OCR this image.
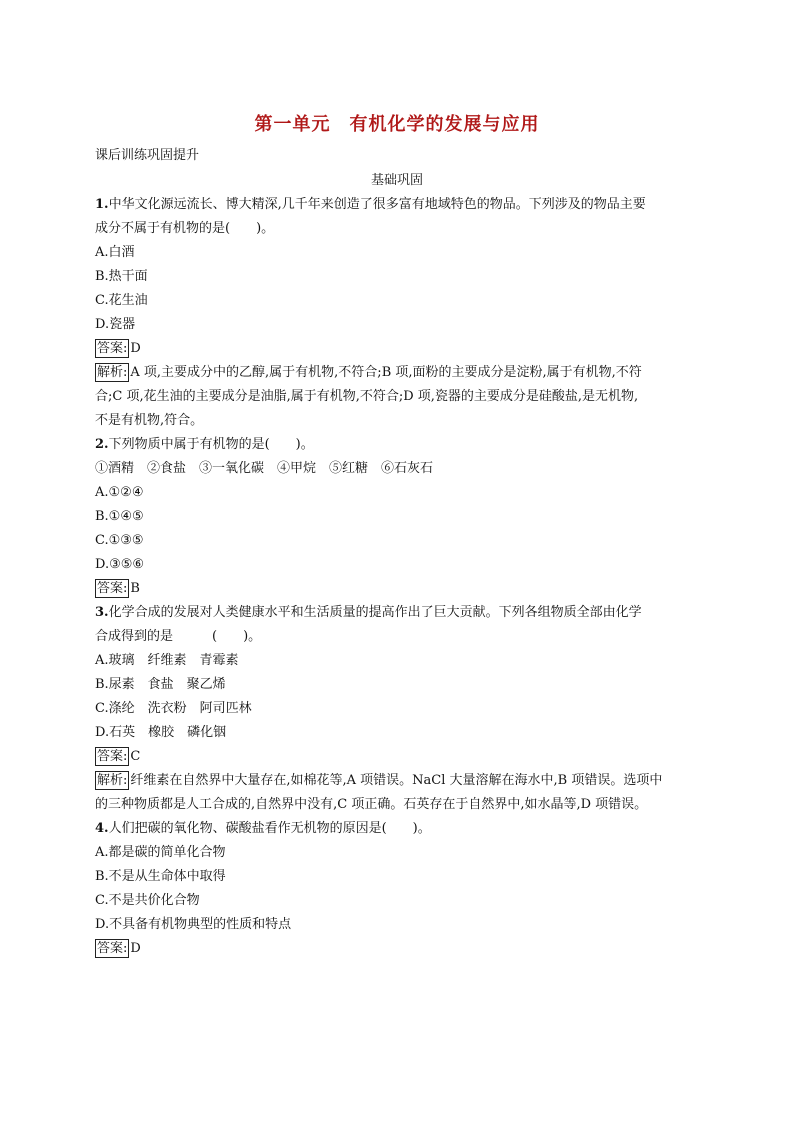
第一单元　有机化学的发展与应用
课后训练巩固提升
基础巩固
1.中华文化源远流长、博大精深,几千年来创造了很多富有地域特色的物品。下列涉及的物品主要
成分不属于有机物的是(　　)。
A.白酒
B.热干面
C.花生油
D.瓷器
答案: D
解析: A 项,主要成分中的乙醇,属于有机物,不符合;B 项,面粉的主要成分是淀粉,属于有机物,不符
合;C 项,花生油的主要成分是油脂,属于有机物,不符合;D 项,瓷器的主要成分是硅酸盐,是无机物,
不是有机物,符合。
2.下列物质中属于有机物的是(　　)。
①酒精　②食盐　③一氧化碳　④甲烷　⑤红糖　⑥石灰石
A.①②④
B.①④⑤
C.①③⑤
D.③⑤⑥
答案: B
3.化学合成的发展对人类健康水平和生活质量的提高作出了巨大贡献。下列各组物质全部由化学
合成得到的是　　　(　　)。
A.玻璃　纤维素　青霉素
B.尿素　食盐　聚乙烯
C.涤纶　洗衣粉　阿司匹林
D.石英　橡胶　磷化铟
答案: C
解析: 纤维素在自然界中大量存在,如棉花等,A 项错误。NaCl 大量溶解在海水中,B 项错误。选项中
的三种物质都是人工合成的,自然界中没有,C 项正确。石英存在于自然界中,如水晶等,D 项错误。
4.人们把碳的氧化物、碳酸盐看作无机物的原因是(　　)。
A.都是碳的简单化合物
B.不是从生命体中取得
C.不是共价化合物
D.不具备有机物典型的性质和特点
答案: D
